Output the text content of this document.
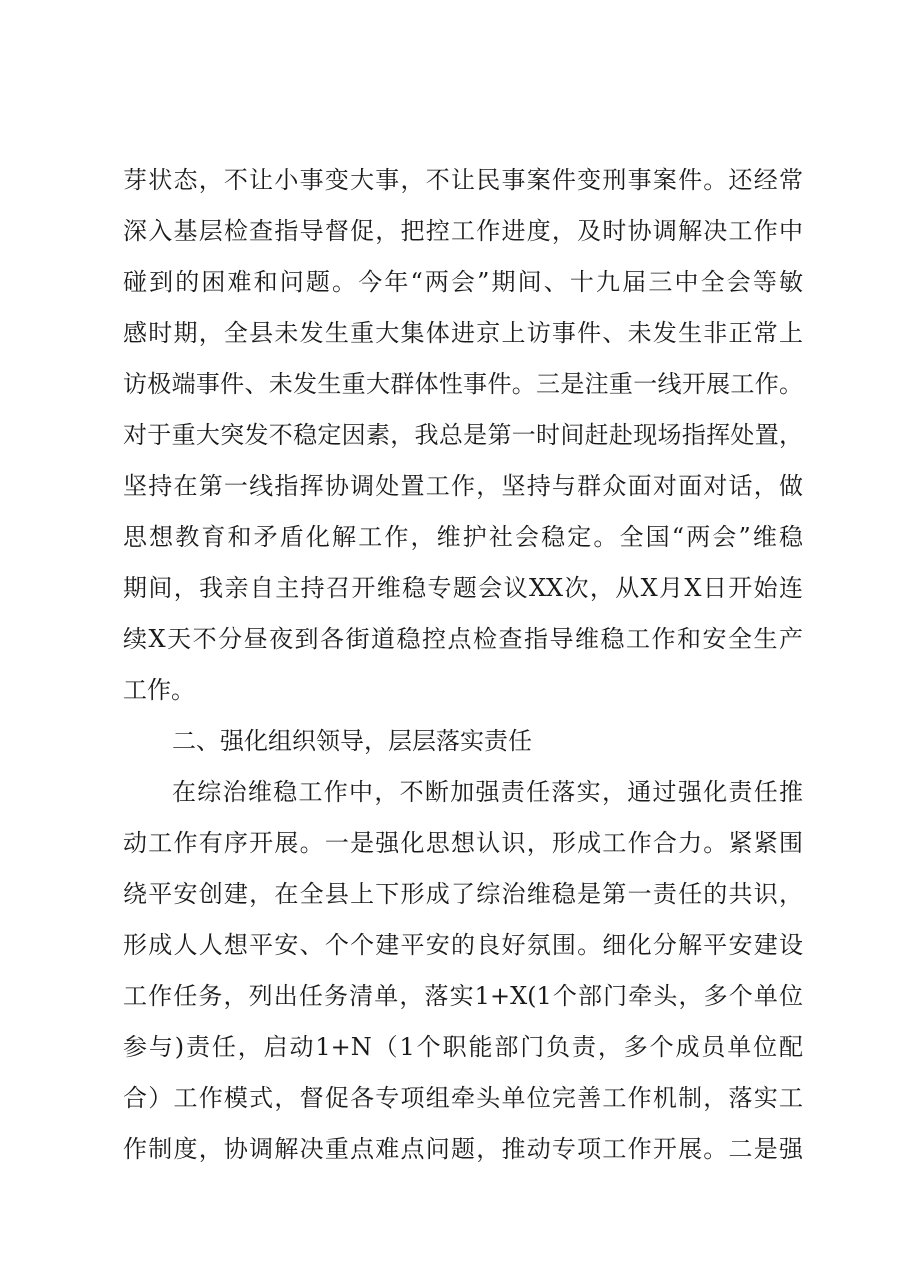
芽状态，不让小事变大事，不让民事案件变刑事案件。还经常
深入基层检查指导督促，把控工作进度，及时协调解决工作中
碰到的困难和问题。今年“两会”期间、十九届三中全会等敏
感时期，全县未发生重大集体进京上访事件、未发生非正常上
访极端事件、未发生重大群体性事件。三是注重一线开展工作。
对于重大突发不稳定因素，我总是第一时间赶赴现场指挥处置，
坚持在第一线指挥协调处置工作，坚持与群众面对面对话，做
思想教育和矛盾化解工作，维护社会稳定。全国“两会”维稳
期间，我亲自主持召开维稳专题会议XX次，从X月X日开始连
续X天不分昼夜到各街道稳控点检查指导维稳工作和安全生产
工作。
二、强化组织领导，层层落实责任
在综治维稳工作中，不断加强责任落实，通过强化责任推
动工作有序开展。一是强化思想认识，形成工作合力。紧紧围
绕平安创建，在全县上下形成了综治维稳是第一责任的共识，
形成人人想平安、个个建平安的良好氛围。细化分解平安建设
工作任务，列出任务清单，落实1+X(1个部门牵头，多个单位
参与)责任，启动1+N（1个职能部门负责，多个成员单位配
合）工作模式，督促各专项组牵头单位完善工作机制，落实工
作制度，协调解决重点难点问题，推动专项工作开展。二是强
